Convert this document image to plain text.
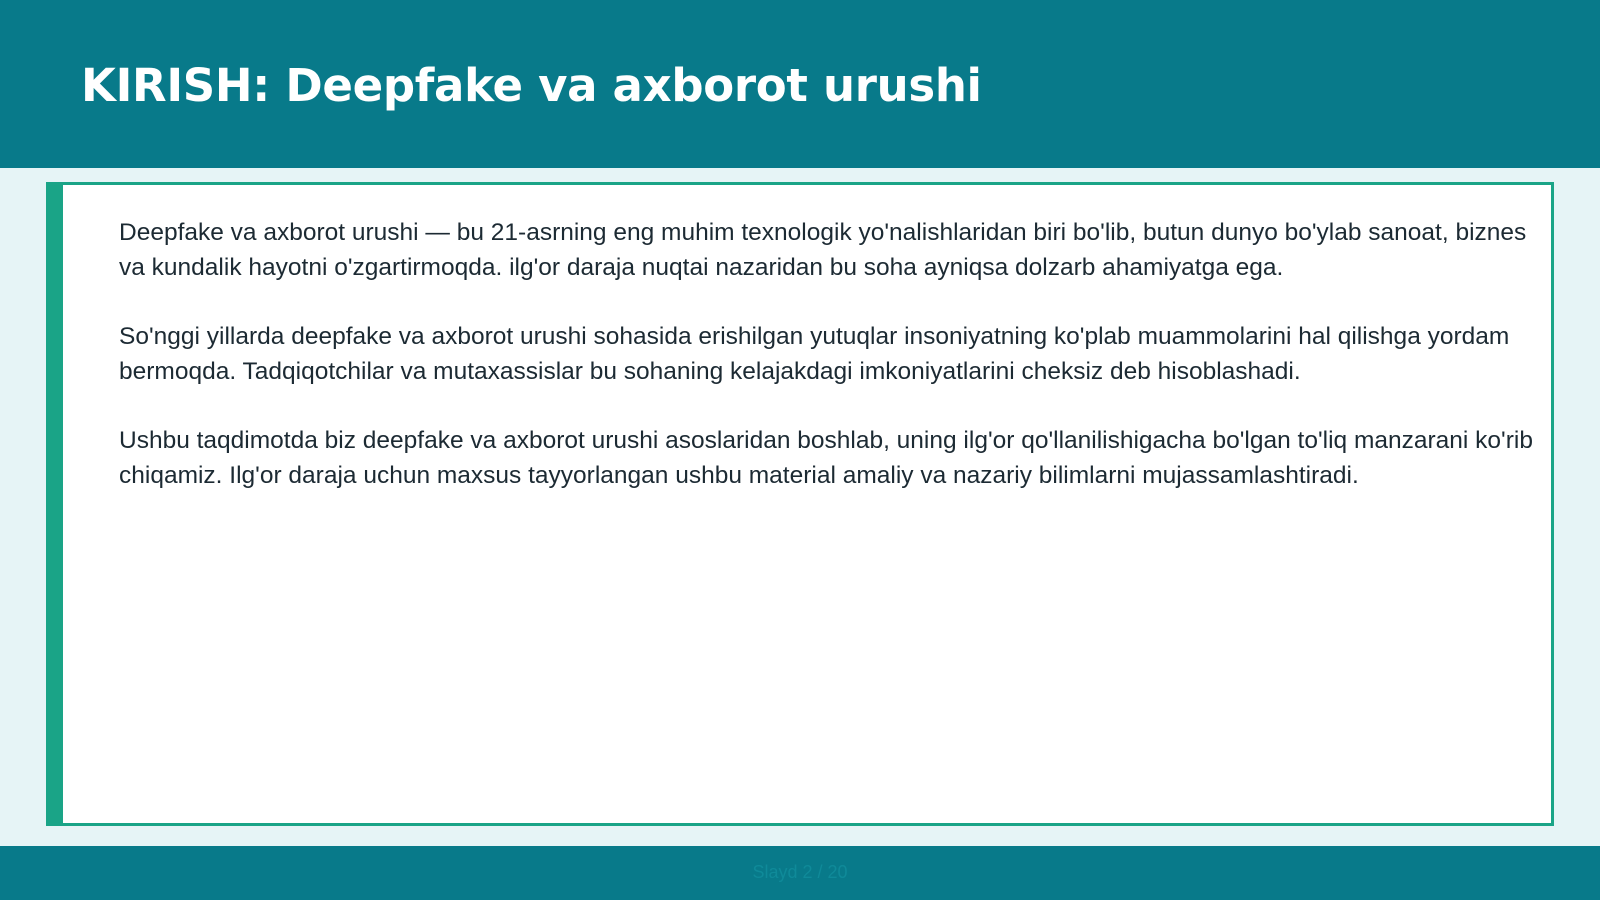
KIRISH: Deepfake va axborot urushi

Deepfake va axborot urushi — bu 21-asrning eng muhim texnologik yo'nalishlaridan biri bo'lib, butun dunyo bo'ylab sanoat, biznes va kundalik hayotni o'zgartirmoqda. ilg'or daraja nuqtai nazaridan bu soha ayniqsa dolzarb ahamiyatga ega.

So'nggi yillarda deepfake va axborot urushi sohasida erishilgan yutuqlar insoniyatning ko'plab muammolarini hal qilishga yordam bermoqda. Tadqiqotchilar va mutaxassislar bu sohaning kelajakdagi imkoniyatlarini cheksiz deb hisoblashadi.

Ushbu taqdimotda biz deepfake va axborot urushi asoslaridan boshlab, uning ilg'or qo'llanilishigacha bo'lgan to'liq manzarani ko'rib chiqamiz. Ilg'or daraja uchun maxsus tayyorlangan ushbu material amaliy va nazariy bilimlarni mujassamlashtiradi.

Slayd 2 / 20
